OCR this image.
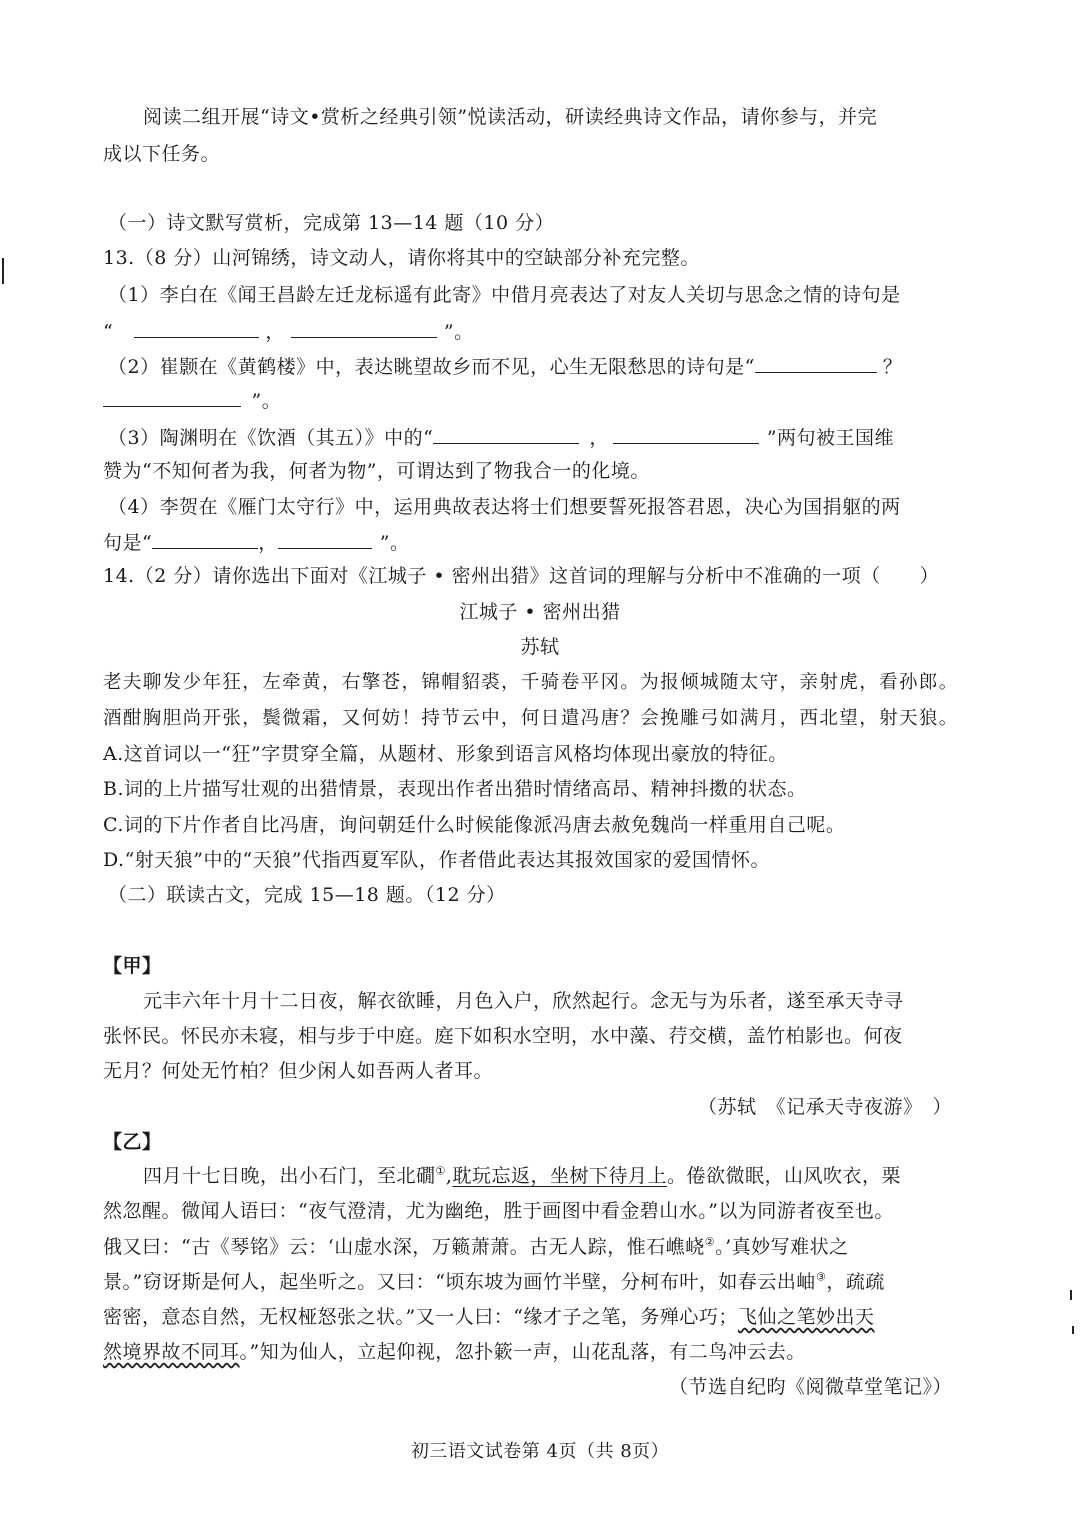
阅读二组开展“诗文•赏析之经典引领”悦读活动，研读经典诗文作品，请你参与，并完
成以下任务。
（一）诗文默写赏析，完成第 13—14 题（10 分）
13.（8 分）山河锦绣，诗文动人，请你将其中的空缺部分补充完整。
（1）李白在《闻王昌龄左迁龙标遥有此寄》中借月亮表达了对友人关切与思念之情的诗句是
“	，	”。
（2）崔颢在《黄鹤楼》中，表达眺望故乡而不见，心生无限愁思的诗句是“	？
”。
（3）陶渊明在《饮酒（其五）》中的“	，	”两句被王国维
赞为“不知何者为我，何者为物”，可谓达到了物我合一的化境。
（4）李贺在《雁门太守行》中，运用典故表达将士们想要誓死报答君恩，决心为国捐躯的两
句是“	，	”。
14.（2 分）请你选出下面对《江城子 • 密州出猎》这首词的理解与分析中不准确的一项（　　）
江城子 • 密州出猎
苏轼
老夫聊发少年狂，左牵黄，右擎苍，锦帽貂裘，千骑卷平冈。为报倾城随太守，亲射虎，看孙郎。
酒酣胸胆尚开张，鬓微霜，又何妨！持节云中，何日遣冯唐？会挽雕弓如满月，西北望，射天狼。
A.这首词以一“狂”字贯穿全篇，从题材、形象到语言风格均体现出豪放的特征。
B.词的上片描写壮观的出猎情景，表现出作者出猎时情绪高昂、精神抖擞的状态。
C.词的下片作者自比冯唐，询问朝廷什么时候能像派冯唐去赦免魏尚一样重用自己呢。
D.“射天狼”中的“天狼”代指西夏军队，作者借此表达其报效国家的爱国情怀。
（二）联读古文，完成 15—18 题。（12 分）
【甲】
元丰六年十月十二日夜，解衣欲睡，月色入户，欣然起行。念无与为乐者，遂至承天寺寻
张怀民。怀民亦未寝，相与步于中庭。庭下如积水空明，水中藻、荇交横，盖竹柏影也。何夜
无月？何处无竹柏？但少闲人如吾两人者耳。
（苏轼　《记承天寺夜游》　）
【乙】
四月十七日晚，出小石门，至北礀①,耽玩忘返，坐树下待月上。倦欲微眠，山风吹衣，栗
然忽醒。微闻人语曰：“夜气澄清，尤为幽绝，胜于画图中看金碧山水。”以为同游者夜至也。
俄又曰：“古《琴铭》云：‘山虚水深，万籁萧萧。古无人踪，惟石嶕峣②。’真妙写难状之
景。”窃讶斯是何人，起坐听之。又曰：“顷东坡为画竹半壁，分柯布叶，如春云出岫③，疏疏
密密，意态自然，无权桠怒张之状。”又一人曰：“缘才子之笔，务殚心巧；飞仙之笔妙出天
然境界故不同耳。”知为仙人，立起仰视，忽扑簌一声，山花乱落，有二鸟冲云去。
（节选自纪昀《阅微草堂笔记》）
初三语文试卷第 4页（共 8页）
